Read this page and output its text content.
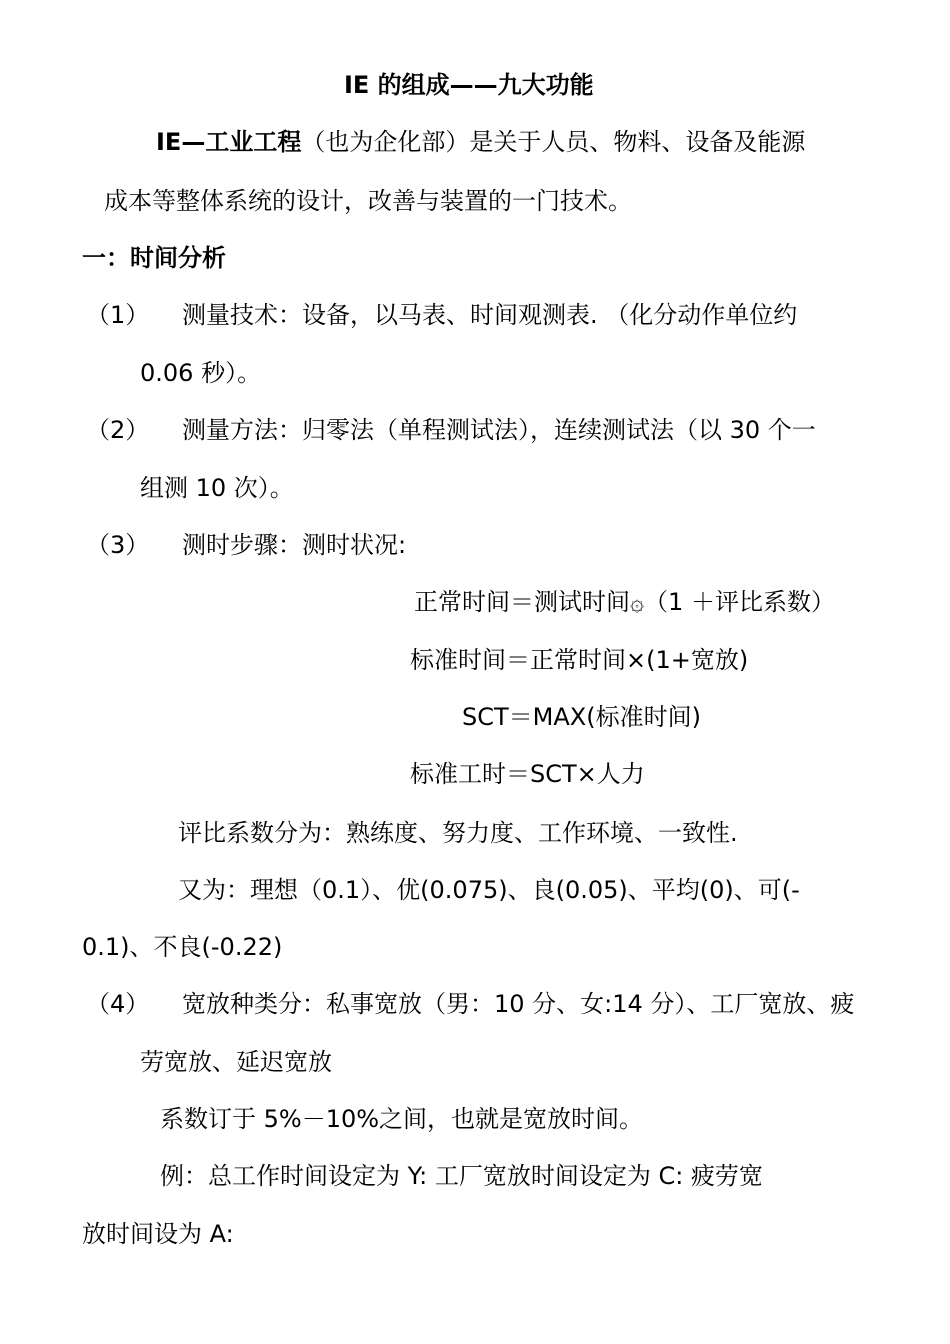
IE 的组成——九大功能
IE—工业工程（也为企化部）是关于人员、物料、设备及能源
成本等整体系统的设计，改善与装置的一门技术。
一：时间分析
（1） 测量技术：设备，以马表、时间观测表. （化分动作单位约
0.06 秒）。
（2） 测量方法：归零法（单程测试法），连续测试法（以 30 个一
组测 10 次）。
（3） 测时步骤：测时状况:
正常时间＝测试时间۞（1 ＋评比系数）
标准时间＝正常时间×(1+宽放)
SCT＝MAX(标准时间)
标准工时＝SCT×人力
评比系数分为：熟练度、努力度、工作环境、一致性.
又为：理想（0.1）、优(0.075)、良(0.05)、平均(0)、可(-
0.1)、不良(-0.22)
（4） 宽放种类分：私事宽放（男：10 分、女:14 分）、工厂宽放、疲
劳宽放、延迟宽放
系数订于 5%－10%之间，也就是宽放时间。
例：总工作时间设定为 Y: 工厂宽放时间设定为 C: 疲劳宽
放时间设为 A:
